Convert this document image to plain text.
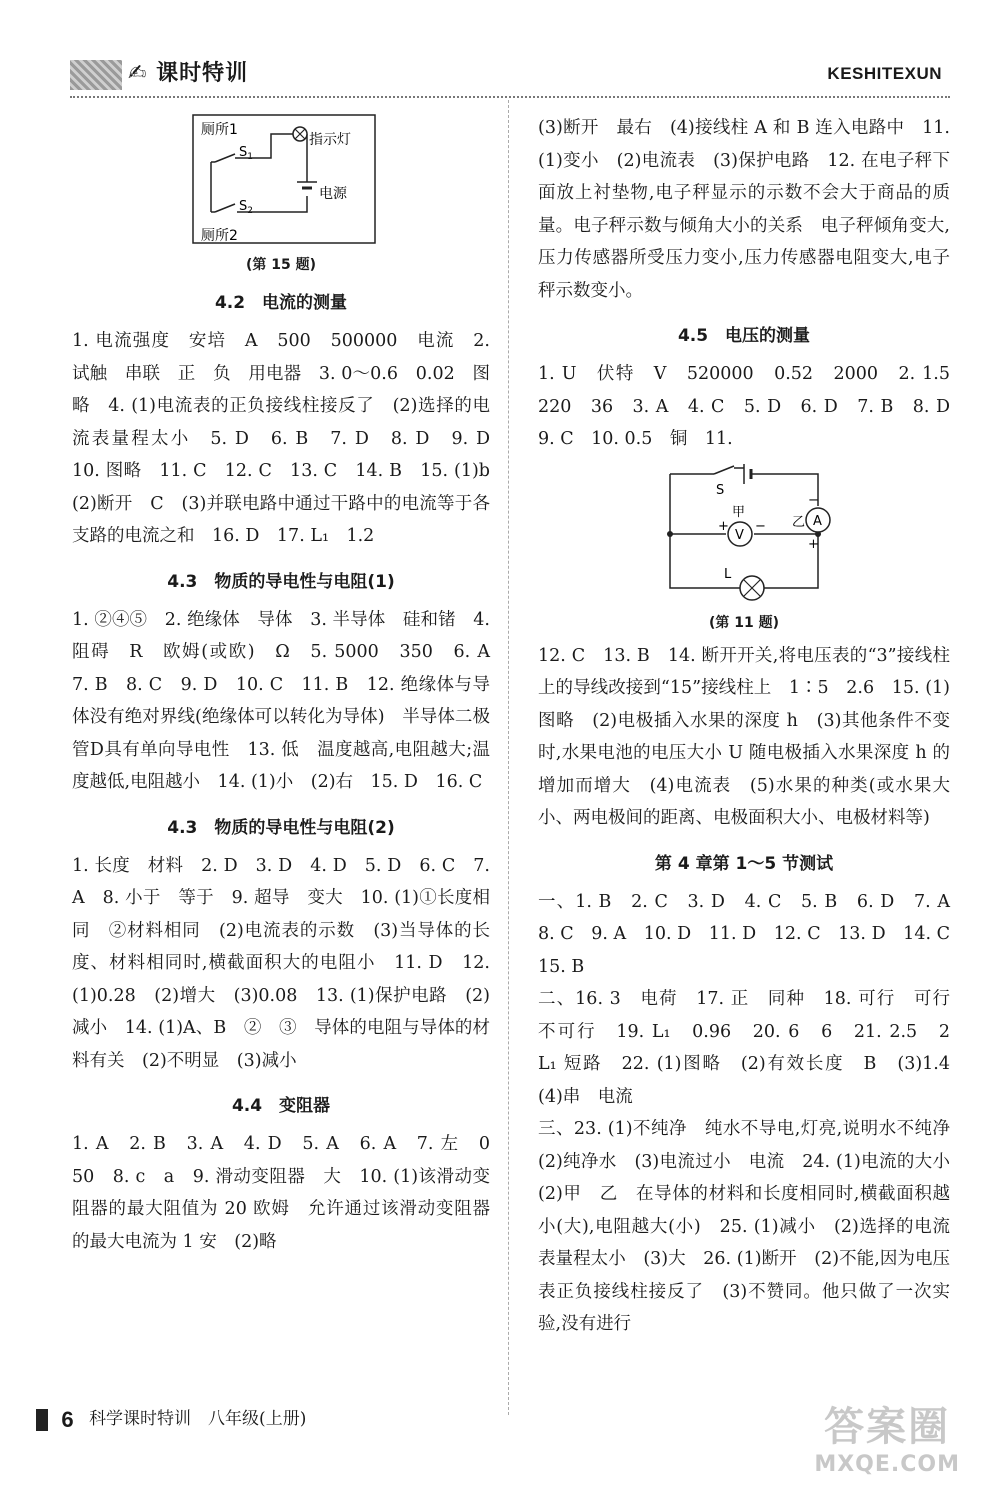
✍ 课时特训	KESHITEXUN
厕所1
厕所2
指示灯
电源
$S_1$
$S_2$
(第 15 题)
4.2　电流的测量

1. 电流强度　安培　A　500　500000　电流　2. 试触　串联　正　负　用电器　3. 0～0.6　0.02　图略　4. (1)电流表的正负接线柱接反了　(2)选择的电流表量程太小　5. D　6. B　7. D　8. D　9. D　10. 图略　11. C　12. C　13. C　14. B　15. (1)b　(2)断开　C　(3)并联电路中通过干路中的电流等于各支路的电流之和　16. D　17. L₁　1.2

4.3　物质的导电性与电阻(1)

1. ②④⑤　2. 绝缘体　导体　3. 半导体　硅和锗　4. 阻碍　R　欧姆(或欧)　Ω　5. 5000　350　6. A　7. B　8. C　9. D　10. C　11. B　12. 绝缘体与导体没有绝对界线(绝缘体可以转化为导体)　半导体二极管D具有单向导电性　13. 低　温度越高,电阻越大;温度越低,电阻越小　14. (1)小　(2)右　15. D　16. C

4.3　物质的导电性与电阻(2)

1. 长度　材料　2. D　3. D　4. D　5. D　6. C　7. A　8. 小于　等于　9. 超导　变大　10. (1)①长度相同　②材料相同　(2)电流表的示数　(3)当导体的长度、材料相同时,横截面积大的电阻小　11. D　12. (1)0.28　(2)增大　(3)0.08　13. (1)保护电路　(2)减小　14. (1)A、B　②　③　导体的电阻与导体的材料有关　(2)不明显　(3)减小

4.4　变阻器

1. A　2. B　3. A　4. D　5. A　6. A　7. 左　0　50　8. c　a　9. 滑动变阻器　大　10. (1)该滑动变阻器的最大阻值为 20 欧姆　允许通过该滑动变阻器的最大电流为 1 安　(2)略

(3)断开　最右　(4)接线柱 A 和 B 连入电路中　11. (1)变小　(2)电流表　(3)保护电路　12. 在电子秤下面放上衬垫物,电子秤显示的示数不会大于商品的质量。电子秤示数与倾角大小的关系　电子秤倾角变大,压力传感器所受压力变小,压力传感器电阻变大,电子秤示数变小。

4.5　电压的测量

1. U　伏特　V　520000　0.52　2000　2. 1.5　220　36　3. A　4. C　5. D　6. D　7. B　8. D　9. C　10. 0.5　铜　11.

A
V
S
甲
乙
L
+ −
−
+
(第 11 题)

12. C　13. B　14. 断开开关,将电压表的“3”接线柱上的导线改接到“15”接线柱上　1∶5　2.6　15. (1)图略　(2)电极插入水果的深度 h　(3)其他条件不变时,水果电池的电压大小 U 随电极插入水果深度 h 的增加而增大　(4)电流表　(5)水果的种类(或水果大小、两电极间的距离、电极面积大小、电极材料等)

第 4 章第 1～5 节测试

一、1. B　2. C　3. D　4. C　5. B　6. D　7. A　8. C　9. A　10. D　11. D　12. C　13. D　14. C　15. B

二、16. 3　电荷　17. 正　同种　18. 可行　可行　不可行　19. L₁　0.96　20. 6　6　21. 2.5　2　L₁ 短路　22. (1)图略　(2)有效长度　B　(3)1.4　(4)串　电流

三、23. (1)不纯净　纯水不导电,灯亮,说明水不纯净　(2)纯净水　(3)电流过小　电流　24. (1)电流的大小　(2)甲　乙　在导体的材料和长度相同时,横截面积越小(大),电阻越大(小)　25. (1)减小　(2)选择的电流表量程太小　(3)大　26. (1)断开　(2)不能,因为电压表正负接线柱接反了　(3)不赞同。他只做了一次实验,没有进行

6 科学课时特训　八年级(上册)	答案圈
MXQE.COM
